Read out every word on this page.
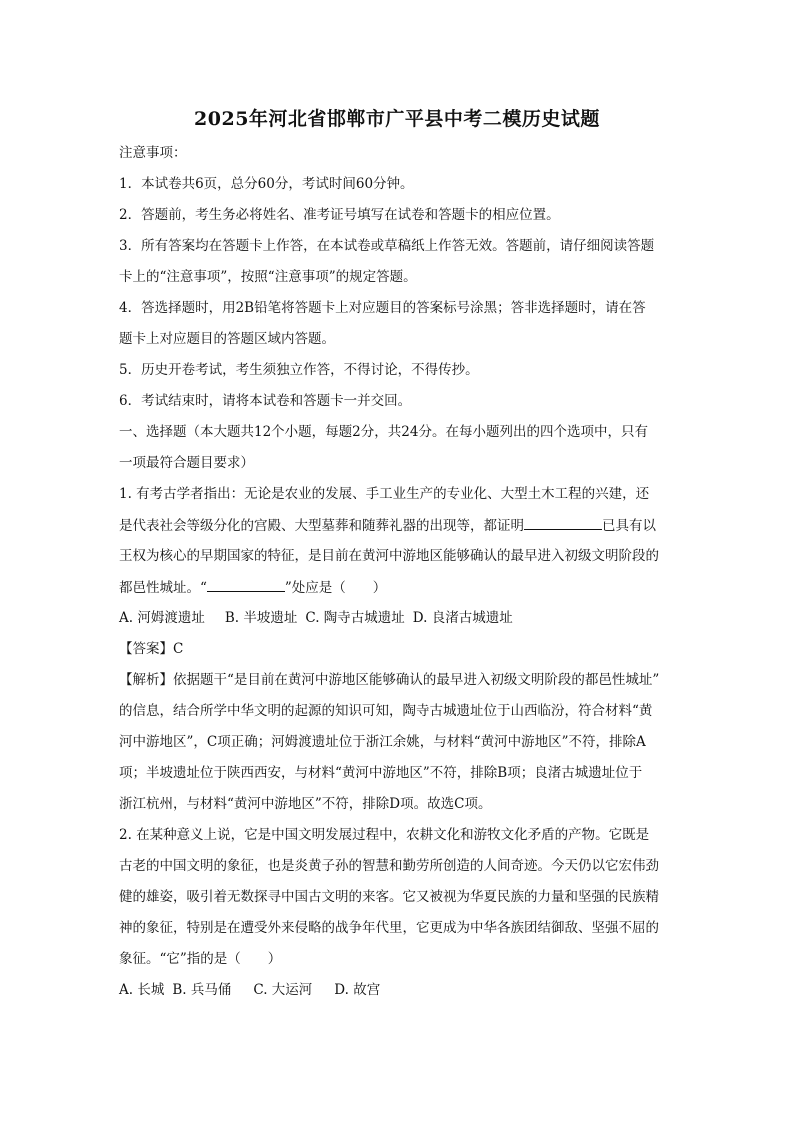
2025年河北省邯郸市广平县中考二模历史试题
注意事项：
1．本试卷共6页，总分60分，考试时间60分钟。
2．答题前，考生务必将姓名、准考证号填写在试卷和答题卡的相应位置。
3．所有答案均在答题卡上作答，在本试卷或草稿纸上作答无效。答题前，请仔细阅读答题
卡上的“注意事项”，按照“注意事项”的规定答题。
4．答选择题时，用2B铅笔将答题卡上对应题目的答案标号涂黑；答非选择题时，请在答
题卡上对应题目的答题区域内答题。
5．历史开卷考试，考生须独立作答，不得讨论，不得传抄。
6．考试结束时，请将本试卷和答题卡一并交回。
一、选择题（本大题共12个小题，每题2分，共24分。在每小题列出的四个选项中，只有
一项最符合题目要求）
1. 有考古学者指出：无论是农业的发展、手工业生产的专业化、大型土木工程的兴建，还
是代表社会等级分化的宫殿、大型墓葬和随葬礼器的出现等，都证明	已具有以
王权为核心的早期国家的特征，是目前在黄河中游地区能够确认的最早进入初级文明阶段的
都邑性城址。“	”处应是（　　）
A. 河姆渡遗址 B. 半坡遗址 C. 陶寺古城遗址 D. 良渚古城遗址
【答案】C
【解析】依据题干“是目前在黄河中游地区能够确认的最早进入初级文明阶段的都邑性城址”
的信息，结合所学中华文明的起源的知识可知，陶寺古城遗址位于山西临汾，符合材料“黄
河中游地区”，C项正确；河姆渡遗址位于浙江余姚，与材料“黄河中游地区”不符，排除A
项；半坡遗址位于陕西西安，与材料“黄河中游地区”不符，排除B项；良渚古城遗址位于
浙江杭州，与材料“黄河中游地区”不符，排除D项。故选C项。
2. 在某种意义上说，它是中国文明发展过程中，农耕文化和游牧文化矛盾的产物。它既是
古老的中国文明的象征，也是炎黄子孙的智慧和勤劳所创造的人间奇迹。今天仍以它宏伟劲
健的雄姿，吸引着无数探寻中国古文明的来客。它又被视为华夏民族的力量和坚强的民族精
神的象征，特别是在遭受外来侵略的战争年代里，它更成为中华各族团结御敌、坚强不屈的
象征。“它”指的是（　　）
A. 长城 B. 兵马俑 C. 大运河 D. 故宫
